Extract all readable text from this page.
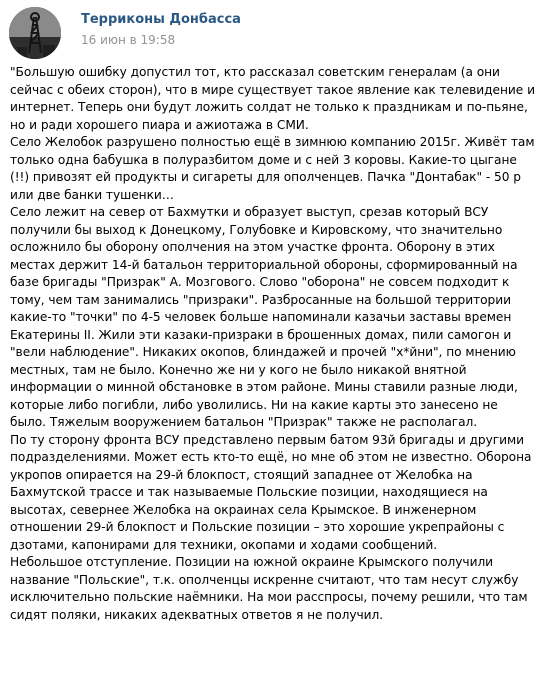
Терриконы Донбасса
16 июн в 19:58

"Большую ошибку допустил тот, кто рассказал советским генералам (а они сейчас с обеих сторон), что в мире существует такое явление как телевидение и интернет. Теперь они будут ложить солдат не только к праздникам и по-пьяне, но и ради хорошего пиара и ажиотажа в СМИ.

Село Желобок разрушено полностью ещё в зимнюю компанию 2015г. Живёт там только одна бабушка в полуразбитом доме и с ней 3 коровы. Какие-то цыгане (!!) привозят ей продукты и сигареты для ополченцев. Пачка "Донтабак" - 50 р или две банки тушенки…

Село лежит на север от Бахмутки и образует выступ, срезав который ВСУ получили бы выход к Донецкому, Голубовке и Кировскому, что значительно осложнило бы оборону ополчения на этом участке фронта. Оборону в этих местах держит 14-й батальон территориальной обороны, сформированный на базе бригады "Призрак" А. Мозгового. Слово "оборона" не совсем подходит к тому, чем там занимались "призраки". Разбросанные на большой территории какие-то "точки" по 4-5 человек больше напоминали казачьи заставы времен Екатерины II. Жили эти казаки-призраки в брошенных домах, пили самогон и "вели наблюдение". Никаких окопов, блиндажей и прочей "х*йни", по мнению местных, там не было. Конечно же ни у кого не было никакой внятной информации о минной обстановке в этом районе. Мины ставили разные люди, которые либо погибли, либо уволились. Ни на какие карты это занесено не было. Тяжелым вооружением батальон "Призрак" также не располагал.

По ту сторону фронта ВСУ представлено первым батом 93й бригады и другими подразделениями. Может есть кто-то ещё, но мне об этом не известно. Оборона укропов опирается на 29-й блокпост, стоящий западнее от Желобка на Бахмутской трассе и так называемые Польские позиции, находящиеся на высотах, севернее Желобка на окраинах села Крымское. В инженерном отношении 29-й блокпост и Польские позиции – это хорошие укрепрайоны с дзотами, капонирами для техники, окопами и ходами сообщений.

Небольшое отступление. Позиции на южной окраине Крымского получили название "Польские", т.к. ополченцы искренне считают, что там несут службу исключительно польские наёмники. На мои расспросы, почему решили, что там сидят поляки, никаких адекватных ответов я не получил.
